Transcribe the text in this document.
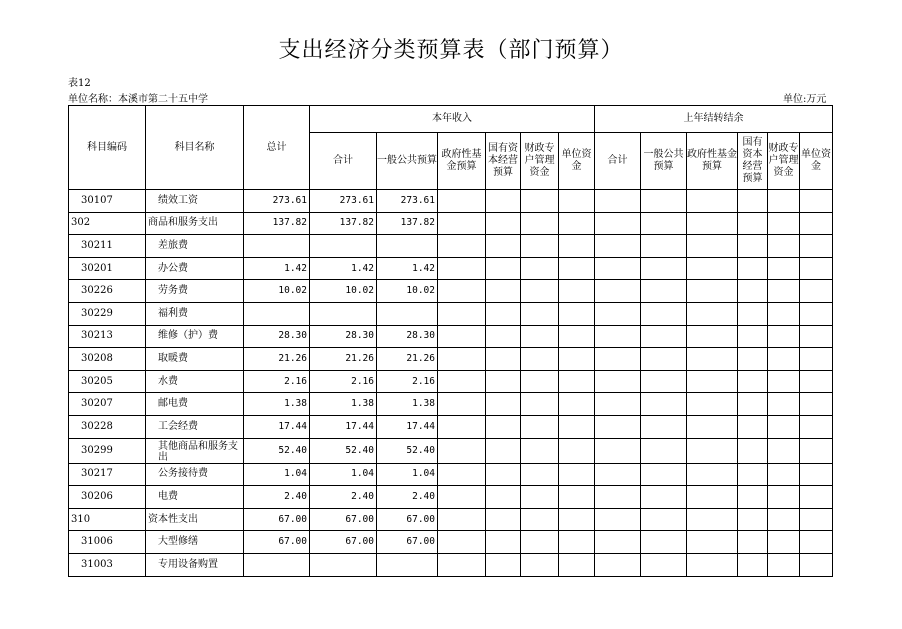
支出经济分类预算表（部门预算）
表12
单位名称：本溪市第二十五中学	单位:万元
科目编码	科目名称	总计	本年收入						上年结转结余					
			合计	一般公共预算	政府性基金预算	国有资本经营预算	财政专户管理资金	单位资金	合计	一般公共预算	政府性基金预算	国有资本经营预算	财政专户管理资金	单位资金
30107	绩效工资	273.61	273.61	273.61										
302	商品和服务支出	137.82	137.82	137.82										
30211	差旅费													
30201	办公费	1.42	1.42	1.42										
30226	劳务费	10.02	10.02	10.02										
30229	福利费													
30213	维修（护）费	28.30	28.30	28.30										
30208	取暖费	21.26	21.26	21.26										
30205	水费	2.16	2.16	2.16										
30207	邮电费	1.38	1.38	1.38										
30228	工会经费	17.44	17.44	17.44										
30299	其他商品和服务支出	52.40	52.40	52.40										
30217	公务接待费	1.04	1.04	1.04										
30206	电费	2.40	2.40	2.40										
310	资本性支出	67.00	67.00	67.00										
31006	大型修缮	67.00	67.00	67.00										
31003	专用设备购置													
